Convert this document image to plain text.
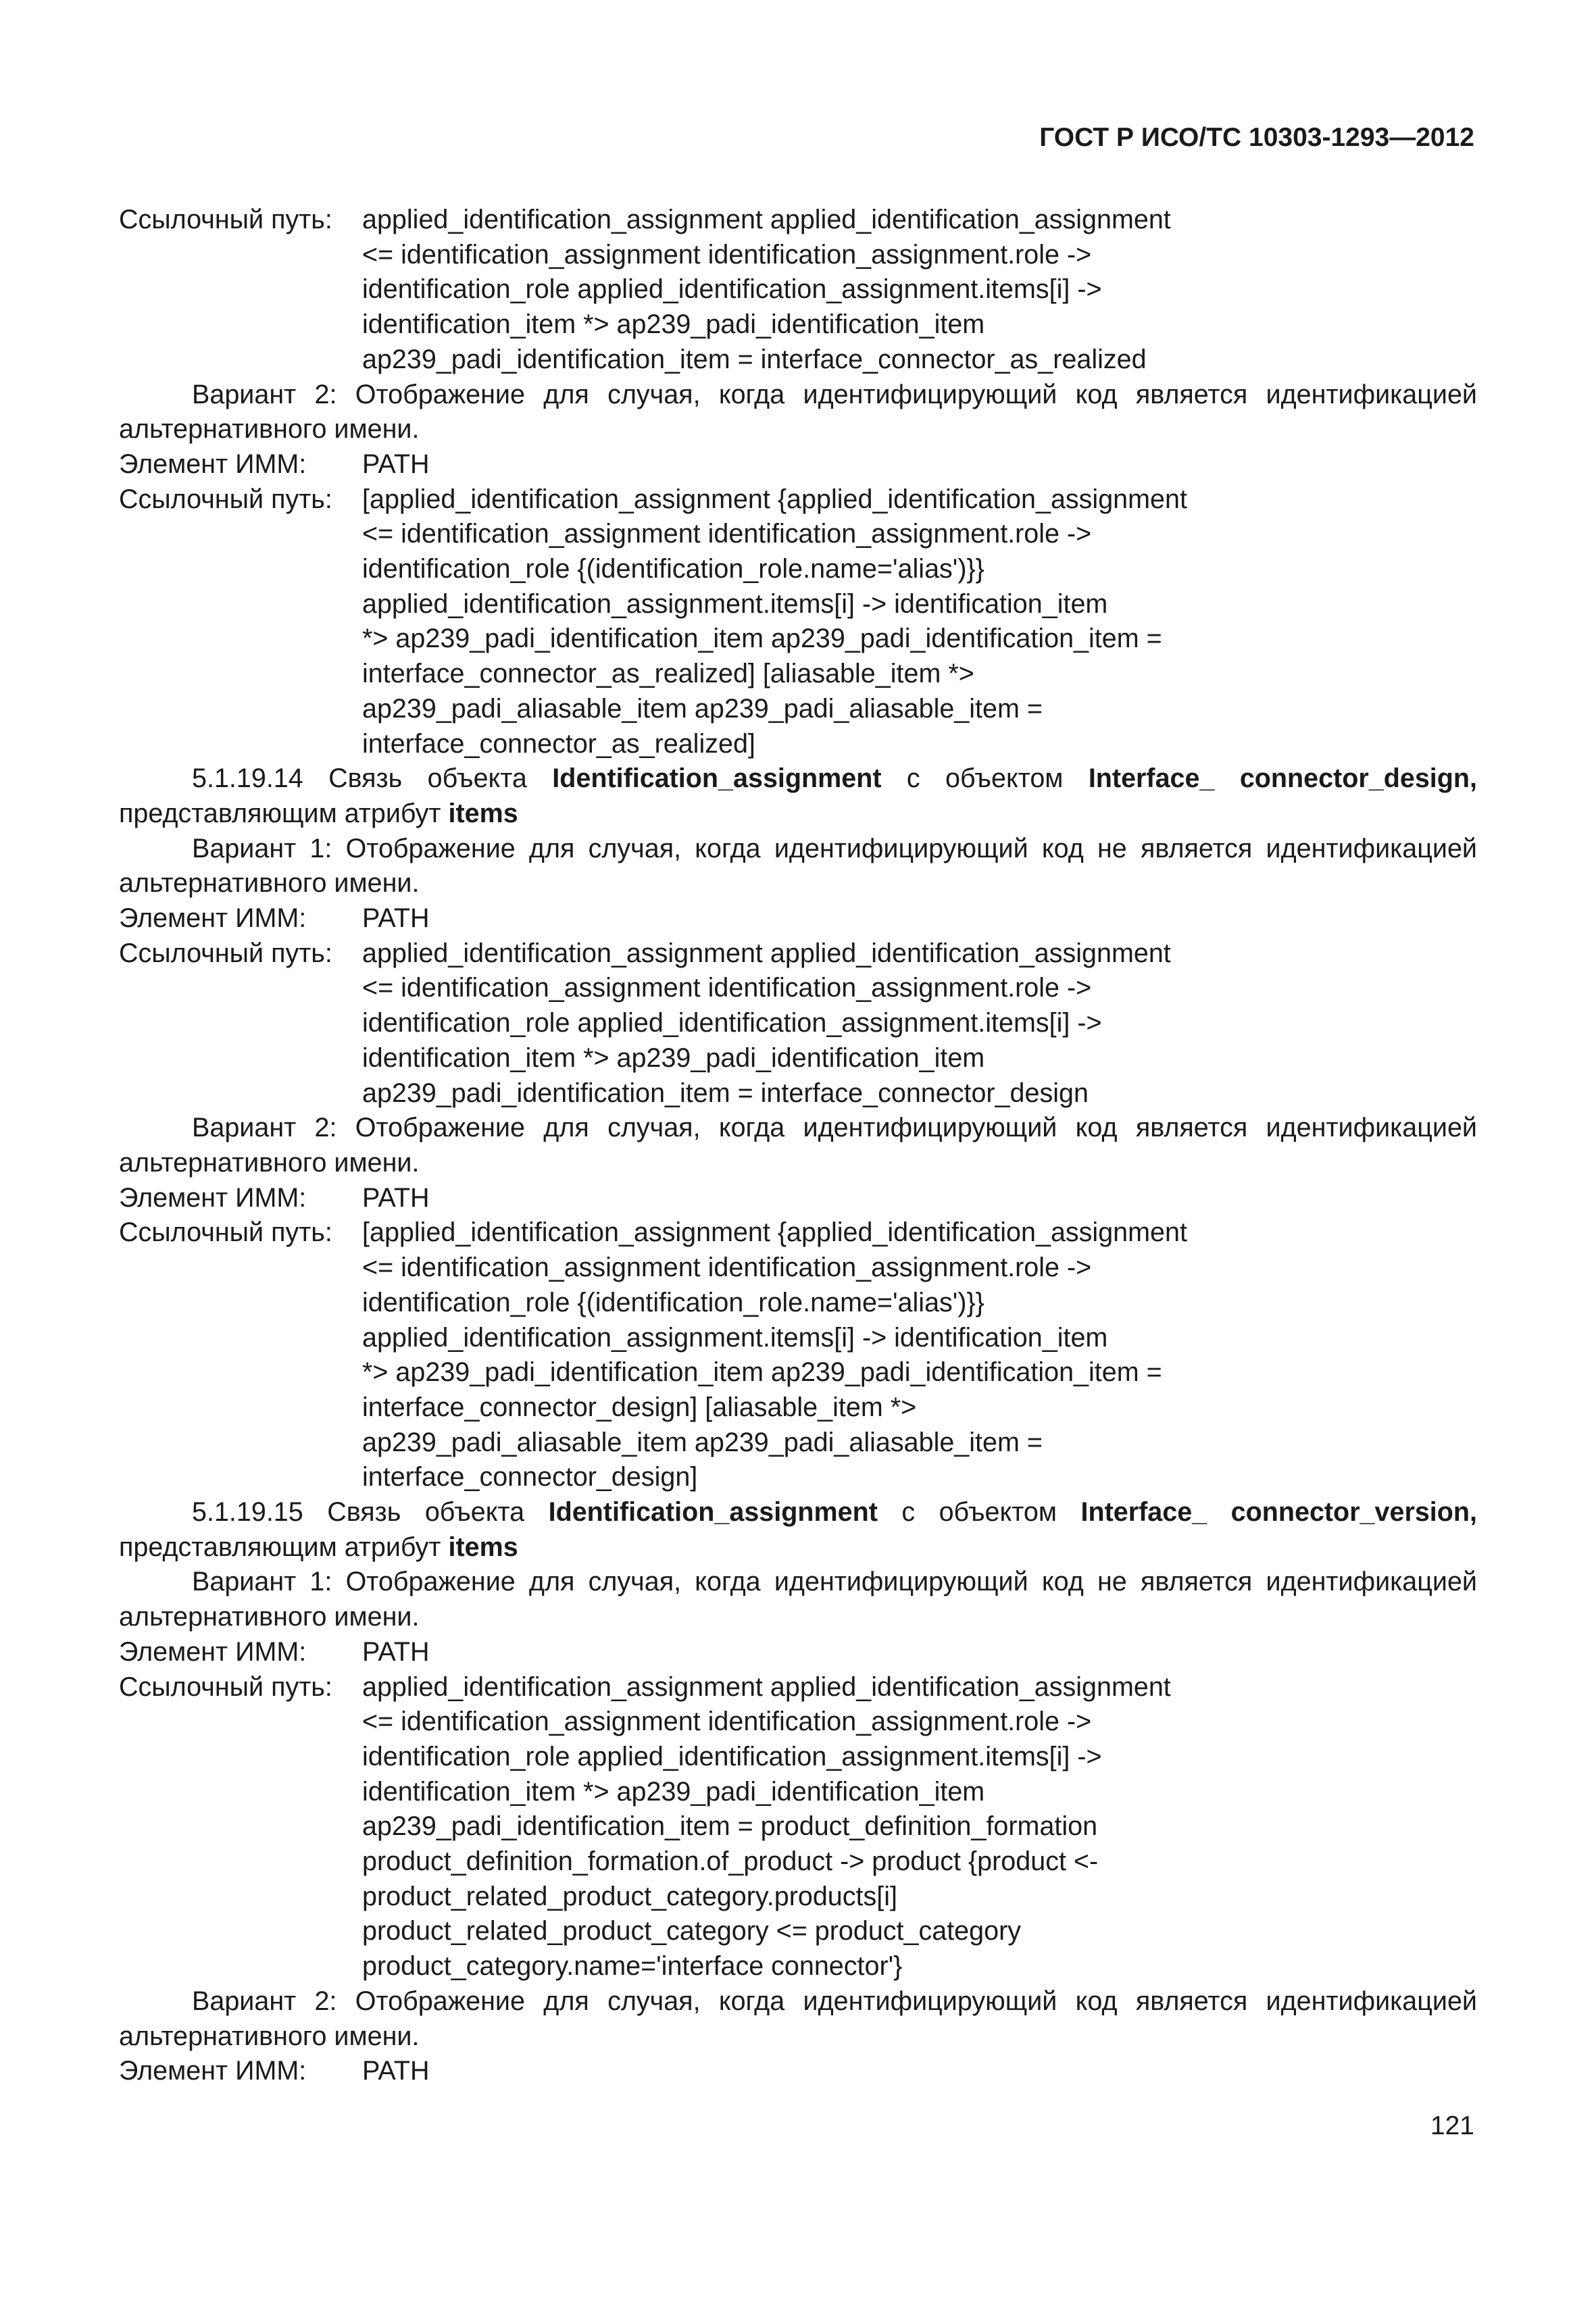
ГОСТ Р ИСО/ТС 10303-1293—2012
Ссылочный путь:	applied_identification_assignment applied_identification_assignment
<= identification_assignment identification_assignment.role ->
identification_role applied_identification_assignment.items[i] ->
identification_item *> ap239_padi_identification_item
ap239_padi_identification_item = interface_connector_as_realized
Вариант 2: Отображение для случая, когда идентифицирующий код является идентификацией альтернативного имени.
Элемент ИММ:	PATH
Ссылочный путь:	[applied_identification_assignment {applied_identification_assignment
<= identification_assignment identification_assignment.role ->
identification_role {(identification_role.name='alias')}}
applied_identification_assignment.items[i] -> identification_item
*> ap239_padi_identification_item ap239_padi_identification_item =
interface_connector_as_realized] [aliasable_item *>
ap239_padi_aliasable_item ap239_padi_aliasable_item =
interface_connector_as_realized]
5.1.19.14 Связь объекта Identification_assignment с объектом Interface_ connector_design, представляющим атрибут items
Вариант 1: Отображение для случая, когда идентифицирующий код не является идентификацией альтернативного имени.
Элемент ИММ:	PATH
Ссылочный путь:	applied_identification_assignment applied_identification_assignment
<= identification_assignment identification_assignment.role ->
identification_role applied_identification_assignment.items[i] ->
identification_item *> ap239_padi_identification_item
ap239_padi_identification_item = interface_connector_design
Вариант 2: Отображение для случая, когда идентифицирующий код является идентификацией альтернативного имени.
Элемент ИММ:	PATH
Ссылочный путь:	[applied_identification_assignment {applied_identification_assignment
<= identification_assignment identification_assignment.role ->
identification_role {(identification_role.name='alias')}}
applied_identification_assignment.items[i] -> identification_item
*> ap239_padi_identification_item ap239_padi_identification_item =
interface_connector_design] [aliasable_item *>
ap239_padi_aliasable_item ap239_padi_aliasable_item =
interface_connector_design]
5.1.19.15 Связь объекта Identification_assignment с объектом Interface_ connector_version, представляющим атрибут items
Вариант 1: Отображение для случая, когда идентифицирующий код не является идентификацией альтернативного имени.
Элемент ИММ:	PATH
Ссылочный путь:	applied_identification_assignment applied_identification_assignment
<= identification_assignment identification_assignment.role ->
identification_role applied_identification_assignment.items[i] ->
identification_item *> ap239_padi_identification_item
ap239_padi_identification_item = product_definition_formation
product_definition_formation.of_product -> product {product <-
product_related_product_category.products[i]
product_related_product_category <= product_category
product_category.name='interface connector'}
Вариант 2: Отображение для случая, когда идентифицирующий код является идентификацией альтернативного имени.
Элемент ИММ:	PATH
121
